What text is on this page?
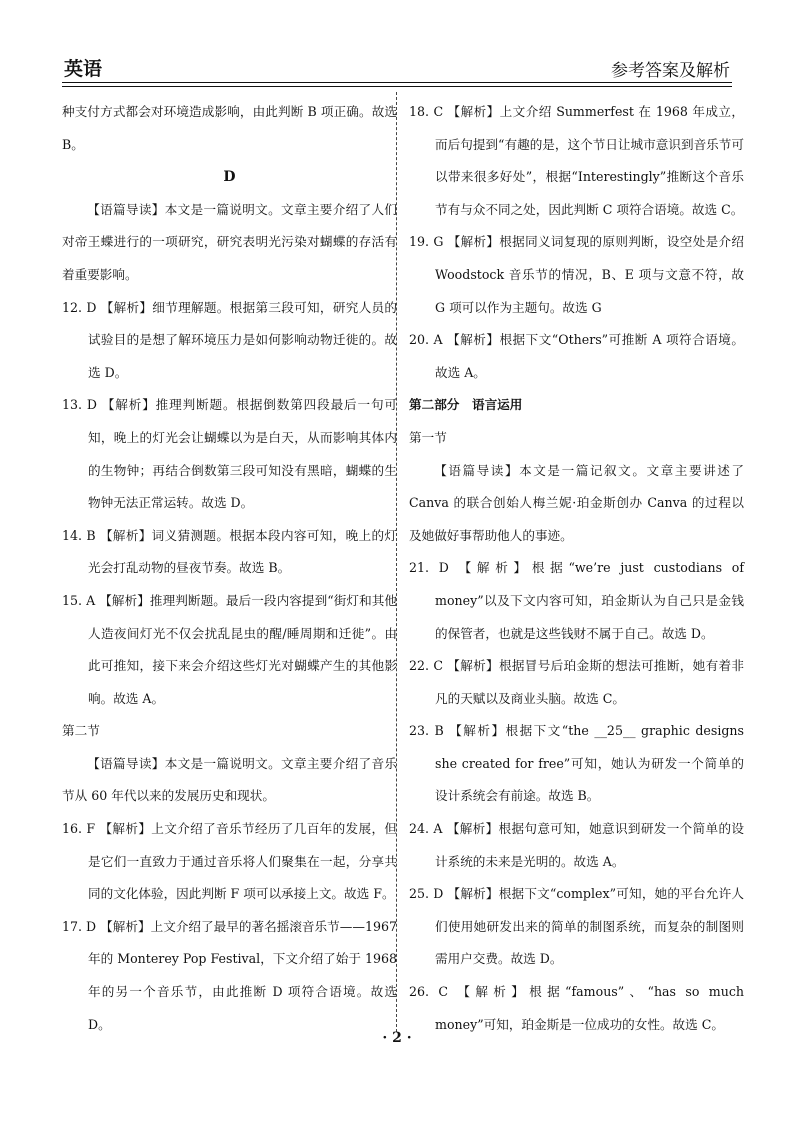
英语	参考答案及解析

种支付方式都会对环境造成影响，由此判断 B 项正确。故选 B。

D

【语篇导读】本文是一篇说明文。文章主要介绍了人们对帝王蝶进行的一项研究，研究表明光污染对蝴蝶的存活有着重要影响。

12. D 【解析】细节理解题。根据第三段可知，研究人员的试验目的是想了解环境压力是如何影响动物迁徙的。故选 D。

13. D 【解析】推理判断题。根据倒数第四段最后一句可知，晚上的灯光会让蝴蝶以为是白天，从而影响其体内的生物钟；再结合倒数第三段可知没有黑暗，蝴蝶的生物钟无法正常运转。故选 D。

14. B 【解析】词义猜测题。根据本段内容可知，晚上的灯光会打乱动物的昼夜节奏。故选 B。

15. A 【解析】推理判断题。最后一段内容提到“街灯和其他人造夜间灯光不仅会扰乱昆虫的醒/睡周期和迁徙”。由此可推知，接下来会介绍这些灯光对蝴蝶产生的其他影响。故选 A。

第二节

【语篇导读】本文是一篇说明文。文章主要介绍了音乐节从 60 年代以来的发展历史和现状。

16. F 【解析】上文介绍了音乐节经历了几百年的发展，但是它们一直致力于通过音乐将人们聚集在一起，分享共同的文化体验，因此判断 F 项可以承接上文。故选 F。

17. D 【解析】上文介绍了最早的著名摇滚音乐节——1967 年的 Monterey Pop Festival，下文介绍了始于 1968 年的另一个音乐节，由此推断 D 项符合语境。故选 D。

18. C 【解析】上文介绍 Summerfest 在 1968 年成立，而后句提到“有趣的是，这个节日让城市意识到音乐节可以带来很多好处”，根据“Interestingly”推断这个音乐节有与众不同之处，因此判断 C 项符合语境。故选 C。

19. G 【解析】根据同义词复现的原则判断，设空处是介绍 Woodstock 音乐节的情况，B、E 项与文意不符，故 G 项可以作为主题句。故选 G

20. A 【解析】根据下文“Others”可推断 A 项符合语境。故选 A。

第二部分　语言运用

第一节

【语篇导读】本文是一篇记叙文。文章主要讲述了 Canva 的联合创始人梅兰妮·珀金斯创办 Canva 的过程以及她做好事帮助他人的事迹。

21. D 【解析】根据“we’re just custodians of money”以及下文内容可知，珀金斯认为自己只是金钱的保管者，也就是这些钱财不属于自己。故选 D。

22. C 【解析】根据冒号后珀金斯的想法可推断，她有着非凡的天赋以及商业头脑。故选 C。

23. B 【解析】根据下文“the __25__ graphic designs she created for free”可知，她认为研发一个简单的设计系统会有前途。故选 B。

24. A 【解析】根据句意可知，她意识到研发一个简单的设计系统的未来是光明的。故选 A。

25. D 【解析】根据下文“complex”可知，她的平台允许人们使用她研发出来的简单的制图系统，而复杂的制图则需用户交费。故选 D。

26. C 【解析】根据“famous”、“has so much money”可知，珀金斯是一位成功的女性。故选 C。

· 2 ·
